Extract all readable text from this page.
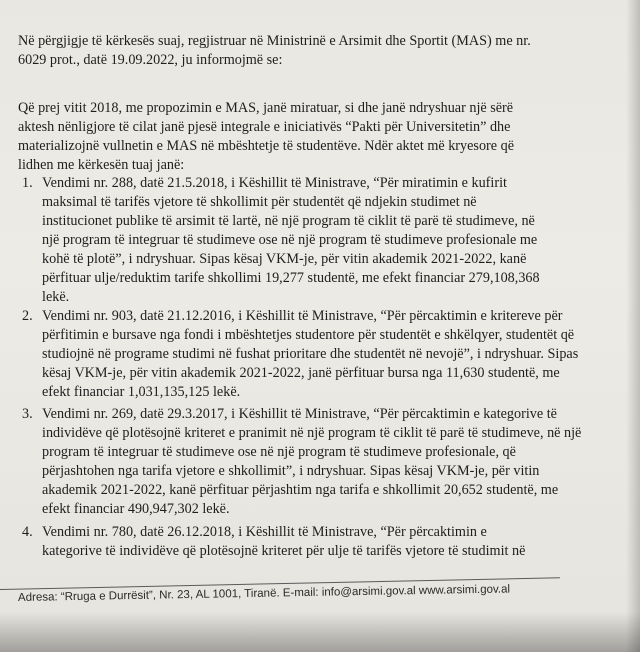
Në përgjigje të kërkesës suaj, regjistruar në Ministrinë e Arsimit dhe Sportit (MAS) me nr.
6029 prot., datë 19.09.2022, ju informojmë se:
Që prej vitit 2018, me propozimin e MAS, janë miratuar, si dhe janë ndryshuar një sërë
aktesh nënligjore të cilat janë pjesë integrale e iniciativës “Pakti për Universitetin” dhe
materializojnë vullnetin e MAS në mbështetje të studentëve. Ndër aktet më kryesore që
lidhen me kërkesën tuaj janë:
1. Vendimi nr. 288, datë 21.5.2018, i Këshillit të Ministrave, “Për miratimin e kufirit
maksimal të tarifës vjetore të shkollimit për studentët që ndjekin studimet në
institucionet publike të arsimit të lartë, në një program të ciklit të parë të studimeve, në
një program të integruar të studimeve ose në një program të studimeve profesionale me
kohë të plotë”, i ndryshuar. Sipas kësaj VKM-je, për vitin akademik 2021-2022, kanë
përfituar ulje/reduktim tarife shkollimi 19,277 studentë, me efekt financiar 279,108,368
lekë.
2. Vendimi nr. 903, datë 21.12.2016, i Këshillit të Ministrave, “Për përcaktimin e kritereve për
përfitimin e bursave nga fondi i mbështetjes studentore për studentët e shkëlqyer, studentët që
studiojnë në programe studimi në fushat prioritare dhe studentët në nevojë”, i ndryshuar. Sipas
kësaj VKM-je, për vitin akademik 2021-2022, janë përfituar bursa nga 11,630 studentë, me
efekt financiar 1,031,135,125 lekë.
3. Vendimi nr. 269, datë 29.3.2017, i Këshillit të Ministrave, “Për përcaktimin e kategorive të
individëve që plotësojnë kriteret e pranimit në një program të ciklit të parë të studimeve, në një
program të integruar të studimeve ose në një program të studimeve profesionale, që
përjashtohen nga tarifa vjetore e shkollimit”, i ndryshuar. Sipas kësaj VKM-je, për vitin
akademik 2021-2022, kanë përfituar përjashtim nga tarifa e shkollimit 20,652 studentë, me
efekt financiar 490,947,302 lekë.
4. Vendimi nr. 780, datë 26.12.2018, i Këshillit të Ministrave, “Për përcaktimin e
kategorive të individëve që plotësojnë kriteret për ulje të tarifës vjetore të studimit në
Adresa: “Rruga e Durrësit”, Nr. 23, AL 1001, Tiranë. E-mail: info@arsimi.gov.al www.arsimi.gov.al
